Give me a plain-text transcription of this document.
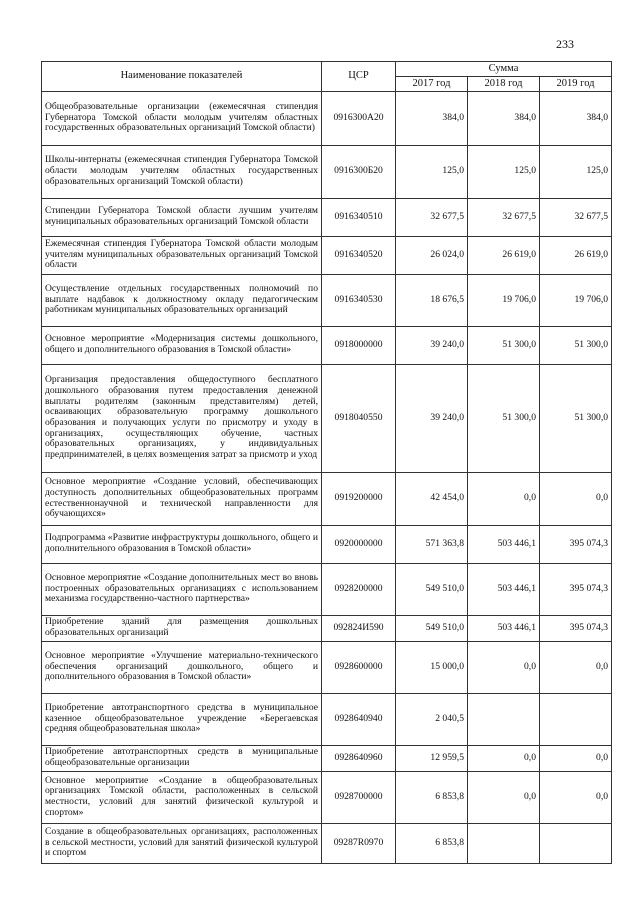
233
Наименование показателей	ЦСР	Сумма		
		2017 год	2018 год	2019 год
Общеобразовательные организации (ежемесячная стипендия Губернатора Томской области молодым учителям областных государственных образовательных организаций Томской области)	0916300А20	384,0	384,0	384,0
Школы-интернаты (ежемесячная стипендия Губернатора Томской области молодым учителям областных государственных образовательных организаций Томской области)	0916300Б20	125,0	125,0	125,0
Стипендии Губернатора Томской области лучшим учителям муниципальных образовательных организаций Томской области	0916340510	32 677,5	32 677,5	32 677,5
Ежемесячная стипендия Губернатора Томской области молодым учителям муниципальных образовательных организаций Томской области	0916340520	26 024,0	26 619,0	26 619,0
Осуществление отдельных государственных полномочий по выплате надбавок к должностному окладу педагогическим работникам муниципальных образовательных организаций	0916340530	18 676,5	19 706,0	19 706,0
Основное мероприятие «Модернизация системы дошкольного, общего и дополнительного образования в Томской области»	0918000000	39 240,0	51 300,0	51 300,0
Организация предоставления общедоступного бесплатного дошкольного образования путем предоставления денежной выплаты родителям (законным представителям) детей, осваивающих образовательную программу дошкольного образования и получающих услуги по присмотру и уходу в организациях, осуществляющих обучение, частных образовательных организациях, у индивидуальных предпринимателей, в целях возмещения затрат за присмотр и уход	0918040550	39 240,0	51 300,0	51 300,0
Основное мероприятие «Создание условий, обеспечивающих доступность дополнительных общеобразовательных программ естественнонаучной и технической направленности для обучающихся»	0919200000	42 454,0	0,0	0,0
Подпрограмма «Развитие инфраструктуры дошкольного, общего и дополнительного образования в Томской области»	0920000000	571 363,8	503 446,1	395 074,3
Основное мероприятие «Создание дополнительных мест во вновь построенных образовательных организациях с использованием механизма государственно-частного партнерства»	0928200000	549 510,0	503 446,1	395 074,3
Приобретение зданий для размещения дошкольных образовательных организаций	092824И590	549 510,0	503 446,1	395 074,3
Основное мероприятие «Улучшение материально-технического обеспечения организаций дошкольного, общего и дополнительного образования в Томской области»	0928600000	15 000,0	0,0	0,0
Приобретение автотранспортного средства в муниципальное казенное общеобразовательное учреждение «Берегаевская средняя общеобразовательная школа»	0928640940	2 040,5		
Приобретение автотранспортных средств в муниципальные общеобразовательные организации	0928640960	12 959,5	0,0	0,0
Основное мероприятие «Создание в общеобразовательных организациях Томской области, расположенных в сельской местности, условий для занятий физической культурой и спортом»	0928700000	6 853,8	0,0	0,0
Создание в общеобразовательных организациях, расположенных в сельской местности, условий для занятий физической культурой и спортом	09287R0970	6 853,8		
